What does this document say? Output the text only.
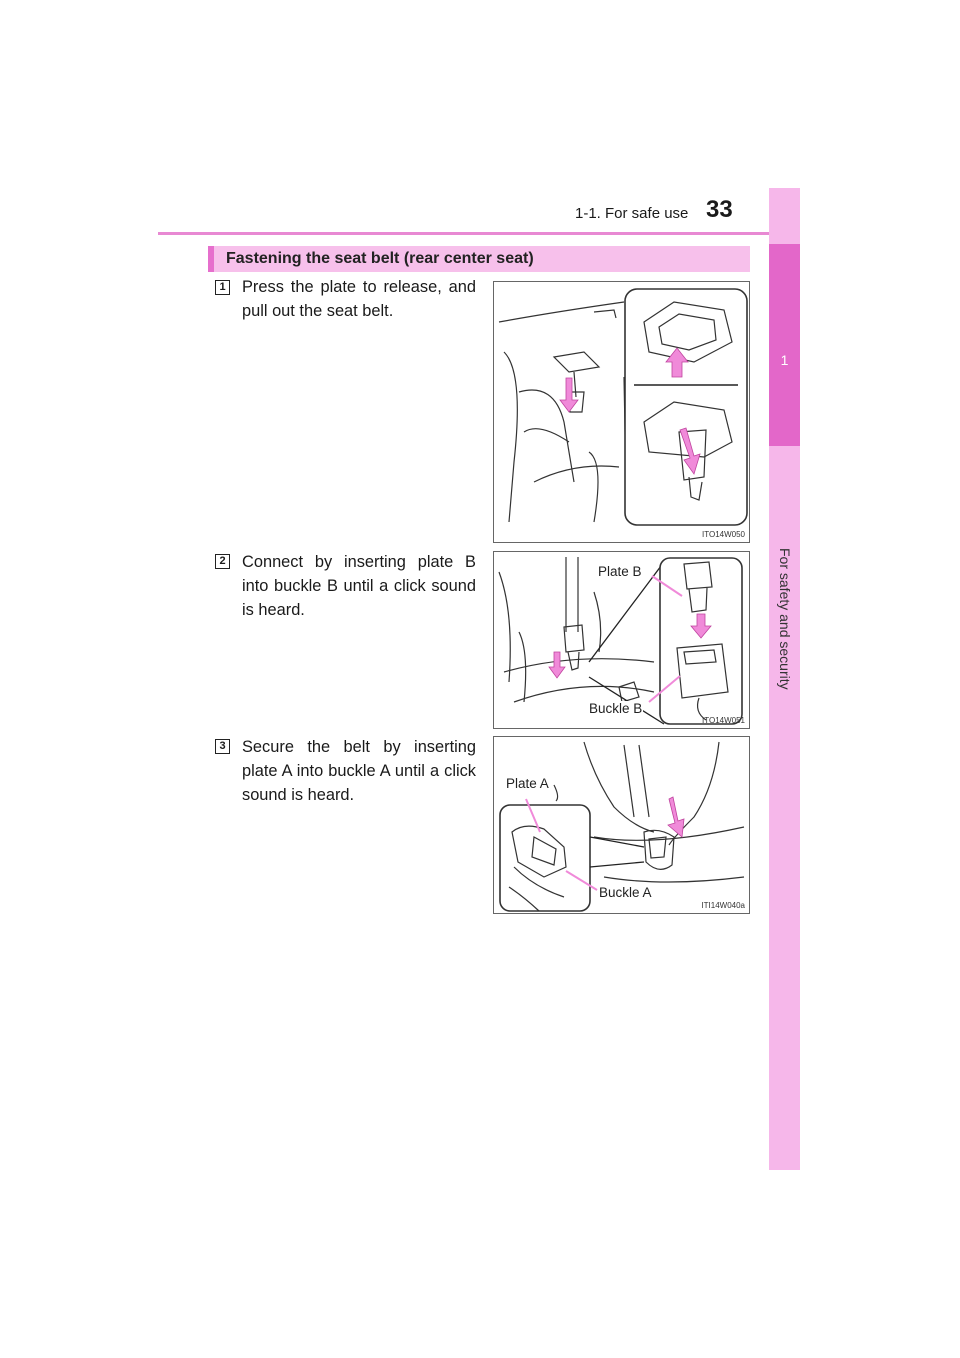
1-1. For safe use 33
1
For safety and security
Fastening the seat belt (rear center seat)
1 Press the plate to release, and pull out the seat belt.
ITO14W050
2 Connect by inserting plate B into buckle B until a click sound is heard.
Plate B
Buckle B
ITO14W051
3 Secure the belt by inserting plate A into buckle A until a click sound is heard.
Plate A
Buckle A
ITI14W040a
